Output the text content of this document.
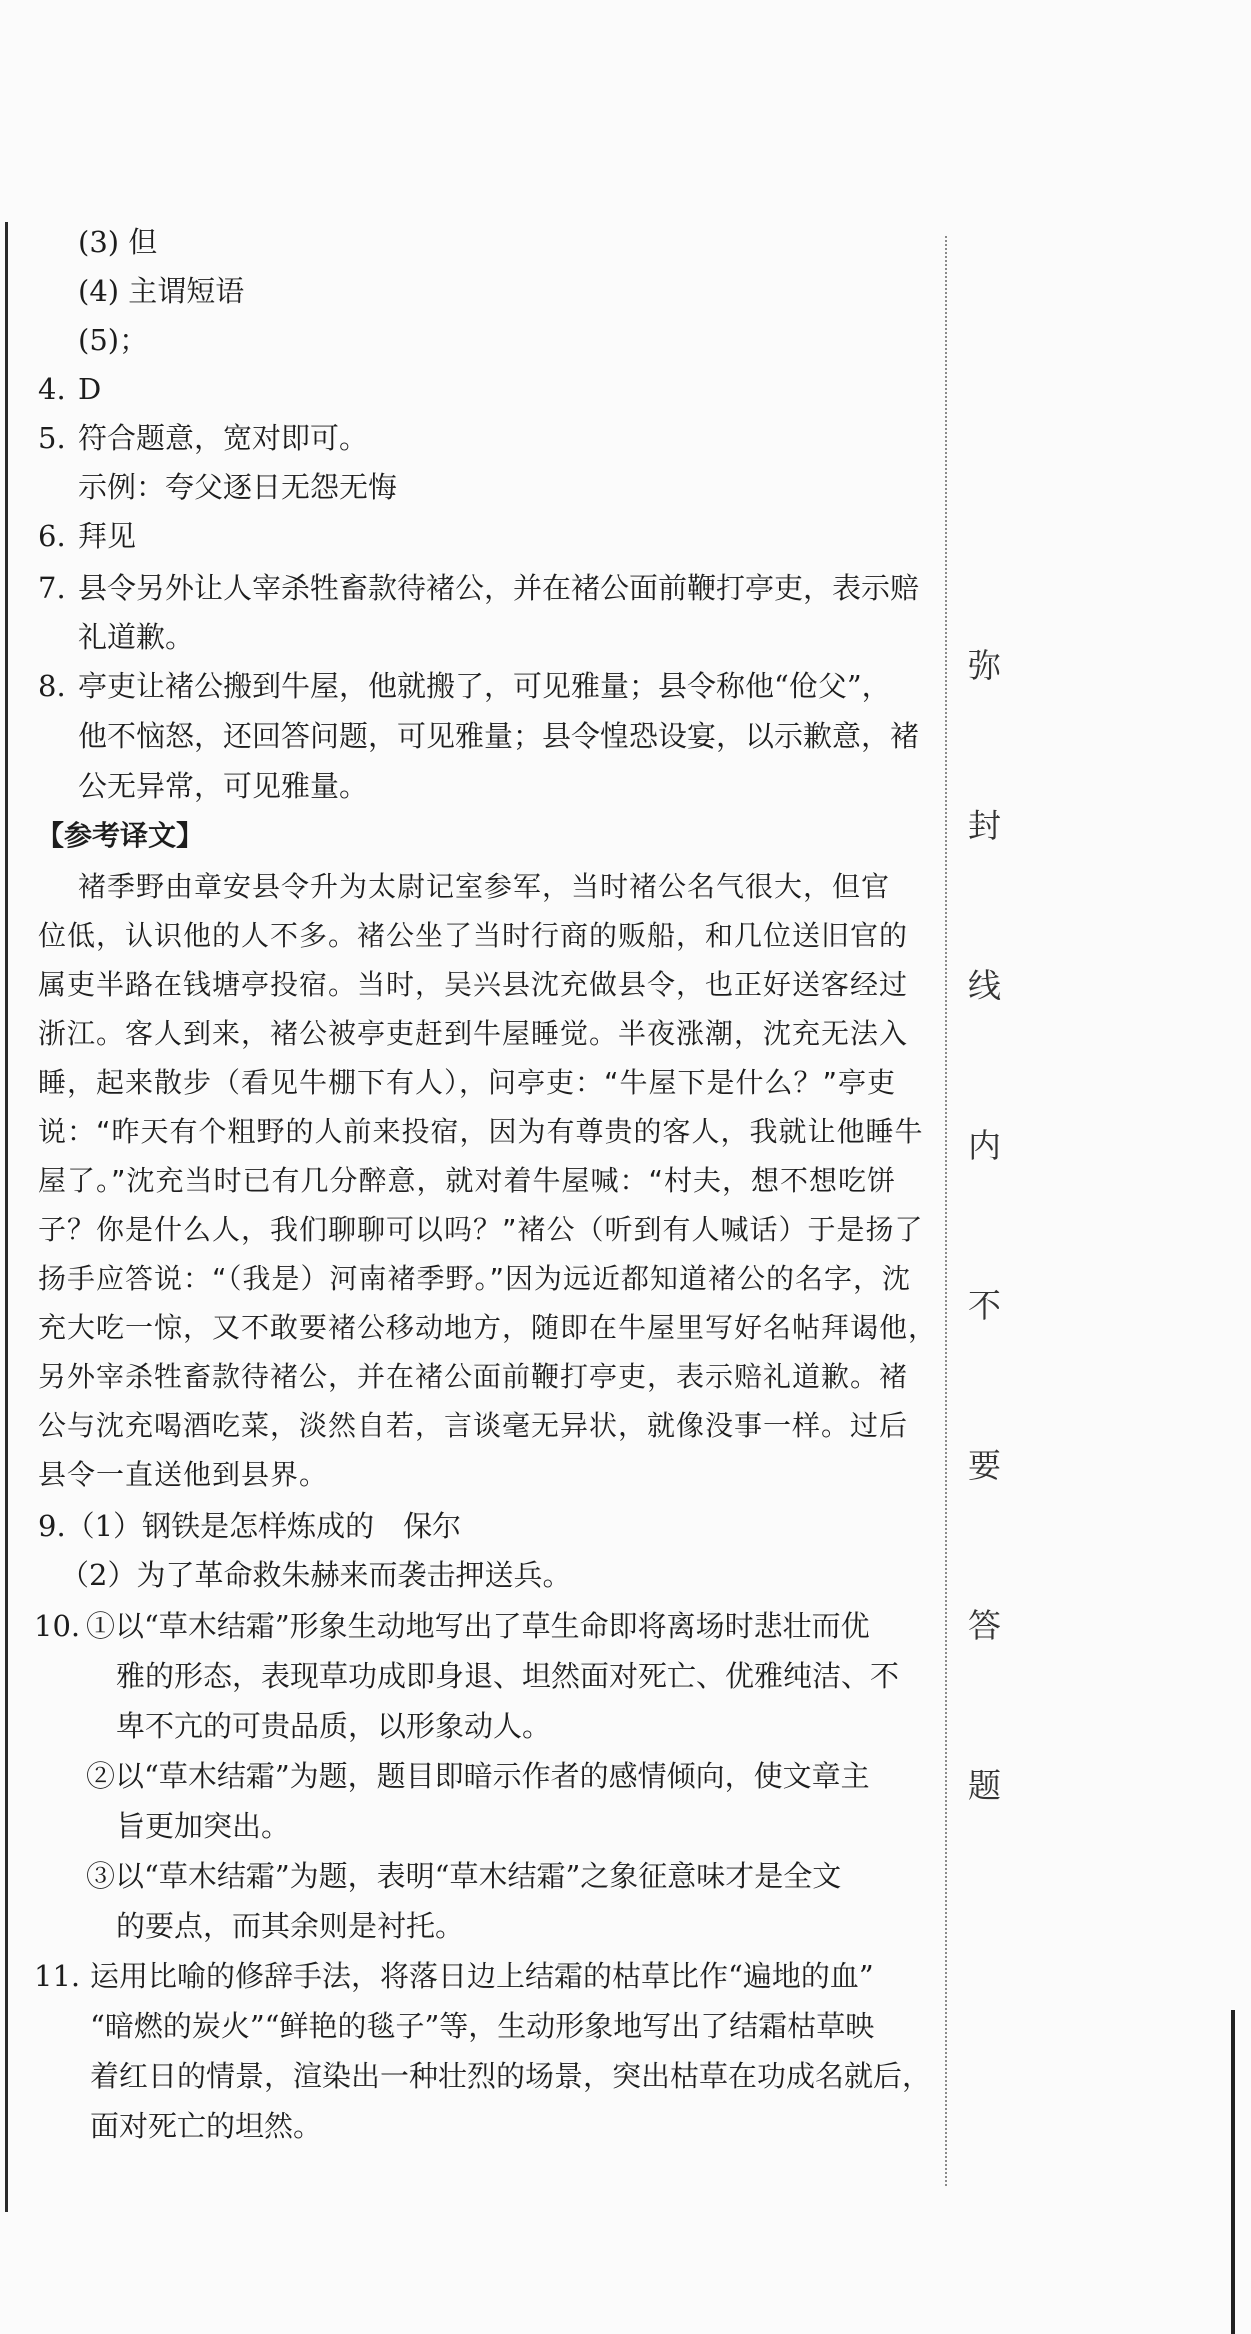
弥
封
线
内
不
要
答
题
(3) 但
(4) 主谓短语
(5)；
4. D
5. 符合题意，宽对即可。
示例：夸父逐日无怨无悔
6. 拜见
7. 县令另外让人宰杀牲畜款待褚公，并在褚公面前鞭打亭吏，表示赔
礼道歉。
8. 亭吏让褚公搬到牛屋，他就搬了，可见雅量；县令称他“伧父”，
他不恼怒，还回答问题，可见雅量；县令惶恐设宴，以示歉意，褚
公无异常，可见雅量。
【参考译文】
褚季野由章安县令升为太尉记室参军，当时褚公名气很大，但官
位低，认识他的人不多。褚公坐了当时行商的贩船，和几位送旧官的
属吏半路在钱塘亭投宿。当时，吴兴县沈充做县令，也正好送客经过
浙江。客人到来，褚公被亭吏赶到牛屋睡觉。半夜涨潮，沈充无法入
睡，起来散步（看见牛棚下有人），问亭吏：“牛屋下是什么？”亭吏
说：“昨天有个粗野的人前来投宿，因为有尊贵的客人，我就让他睡牛
屋了。”沈充当时已有几分醉意，就对着牛屋喊：“村夫，想不想吃饼
子？你是什么人，我们聊聊可以吗？”褚公（听到有人喊话）于是扬了
扬手应答说：“（我是）河南褚季野。”因为远近都知道褚公的名字，沈
充大吃一惊，又不敢要褚公移动地方，随即在牛屋里写好名帖拜谒他，
另外宰杀牲畜款待褚公，并在褚公面前鞭打亭吏，表示赔礼道歉。褚
公与沈充喝酒吃菜，淡然自若，言谈毫无异状，就像没事一样。过后
县令一直送他到县界。
9.（1）钢铁是怎样炼成的　保尔
（2）为了革命救朱赫来而袭击押送兵。
10. ①以“草木结霜”形象生动地写出了草生命即将离场时悲壮而优
雅的形态，表现草功成即身退、坦然面对死亡、优雅纯洁、不
卑不亢的可贵品质，以形象动人。
②以“草木结霜”为题，题目即暗示作者的感情倾向，使文章主
旨更加突出。
③以“草木结霜”为题，表明“草木结霜”之象征意味才是全文
的要点，而其余则是衬托。
11. 运用比喻的修辞手法，将落日边上结霜的枯草比作“遍地的血”
“暗燃的炭火”“鲜艳的毯子”等，生动形象地写出了结霜枯草映
着红日的情景，渲染出一种壮烈的场景，突出枯草在功成名就后，
面对死亡的坦然。
